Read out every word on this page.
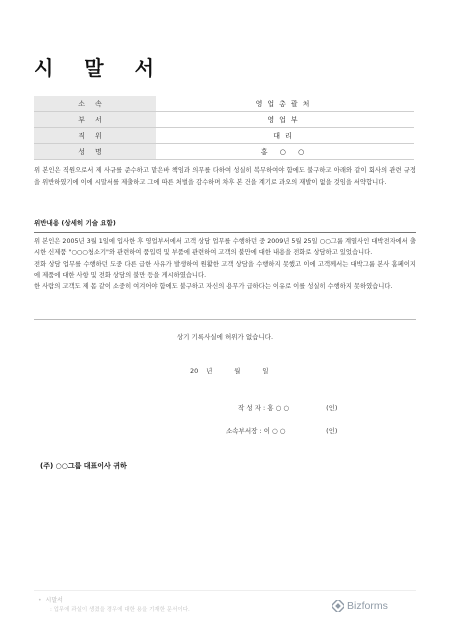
시 말 서
소속	영업총괄처
부서	영업부
직위	대리
성명	홍 ○ ○
위 본인은 직원으로서 제 사규를 준수하고 맡은바 책임과 의무를 다하여 성실히 복무하여야 함에도 불구하고 아래와 같이 회사의 관련 규정을 위반하였기에 이에 시말서를 제출하고 그에 따른 처벌을 감수하며 차후 본 건을 계기로 과오의 재발이 없을 것임을 서약합니다.
위반내용 (상세히 기술 요함)
위 본인은 2005년 3월 1일에 입사한 후 영업부서에서 고객 상담 업무를 수행하던 중 2009년 5월 25일 ○○그룹 계열사인 대박전자에서 출시한 신제품 "○○○청소기"와 관련하여 품입력 및 부품에 관련하여 고객의 불만에 대한 내용을 전화로 상담하고 있었습니다.
전화 상담 업무를 수행하던 도중 다른 급한 사유가 발생하여 원활한 고객 상담을 수행하지 못했고 이에 고객께서는 대박그룹 본사 홈페이지에 제품에 대한 사항 및 전화 상담의 불만 등을 게시하였습니다.
한 사람의 고객도 제 몸 같이 소중히 여겨어야 함에도 불구하고 자신의 용무가 급하다는 이유로 이를 성실히 수행하지 못하였습니다.
상기 기록사실에 허위가 없습니다.
20 년	월	일
작 성 자 : 홍 ○ ○	(인)
소속부서장 : 이 ○ ○	(인)
(주) ○○그룹 대표이사 귀하
• 시말서
: 업무에 과실이 생겼을 경우에 대한 용을 기재한 문서이다.	Bizforms
